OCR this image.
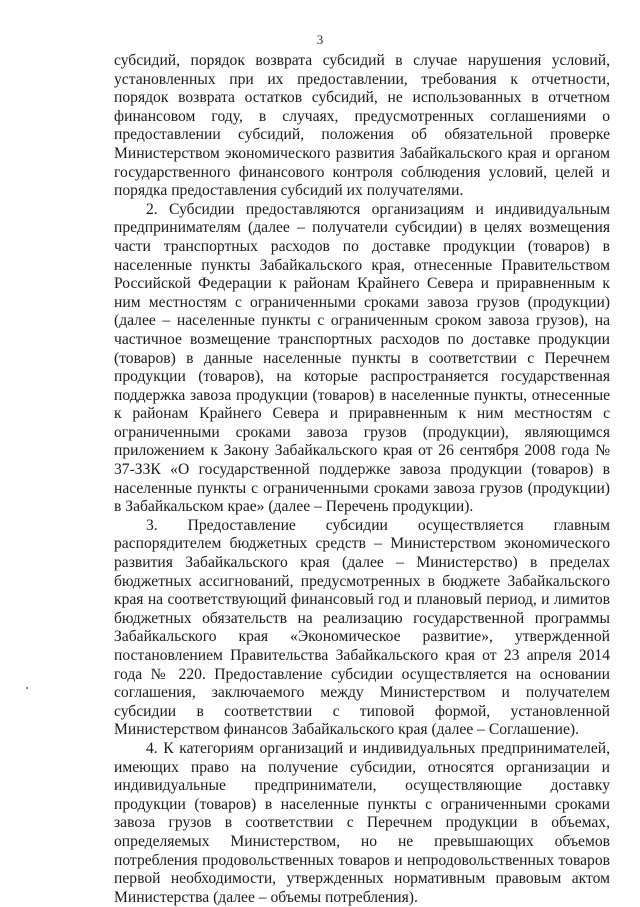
3

субсидий, порядок возврата субсидий в случае нарушения условий, установленных при их предоставлении, требования к отчетности, порядок возврата остатков субсидий, не использованных в отчетном финансовом году, в случаях, предусмотренных соглашениями о предоставлении субсидий, положения об обязательной проверке Министерством экономического развития Забайкальского края и органом государственного финансового контроля соблюдения условий, целей и порядка предоставления субсидий их получателями.

2. Субсидии предоставляются организациям и индивидуальным предпринимателям (далее – получатели субсидии) в целях возмещения части транспортных расходов по доставке продукции (товаров) в населенные пункты Забайкальского края, отнесенные Правительством Российской Федерации к районам Крайнего Севера и приравненным к ним местностям с ограниченными сроками завоза грузов (продукции) (далее – населенные пункты с ограниченным сроком завоза грузов), на частичное возмещение транспортных расходов по доставке продукции (товаров) в данные населенные пункты в соответствии с Перечнем продукции (товаров), на которые распространяется государственная поддержка завоза продукции (товаров) в населенные пункты, отнесенные к районам Крайнего Севера и приравненным к ним местностям с ограниченными сроками завоза грузов (продукции), являющимся приложением к Закону Забайкальского края от 26 сентября 2008 года № 37-ЗЗК «О государственной поддержке завоза продукции (товаров) в населенные пункты с ограниченными сроками завоза грузов (продукции) в Забайкальском крае» (далее – Перечень продукции).

3. Предоставление субсидии осуществляется главным распорядителем бюджетных средств – Министерством экономического развития Забайкальского края (далее – Министерство) в пределах бюджетных ассигнований, предусмотренных в бюджете Забайкальского края на соответствующий финансовый год и плановый период, и лимитов бюджетных обязательств на реализацию государственной программы Забайкальского края «Экономическое развитие», утвержденной постановлением Правительства Забайкальского края от 23 апреля 2014 года № 220. Предоставление субсидии осуществляется на основании соглашения, заключаемого между Министерством и получателем субсидии в соответствии с типовой формой, установленной Министерством финансов Забайкальского края (далее – Соглашение).

4. К категориям организаций и индивидуальных предпринимателей, имеющих право на получение субсидии, относятся организации и индивидуальные предприниматели, осуществляющие доставку продукции (товаров) в населенные пункты с ограниченными сроками завоза грузов в соответствии с Перечнем продукции в объемах, определяемых Министерством, но не превышающих объемов потребления продовольственных товаров и непродовольственных товаров первой необходимости, утвержденных нормативным правовым актом Министерства (далее – объемы потребления).
